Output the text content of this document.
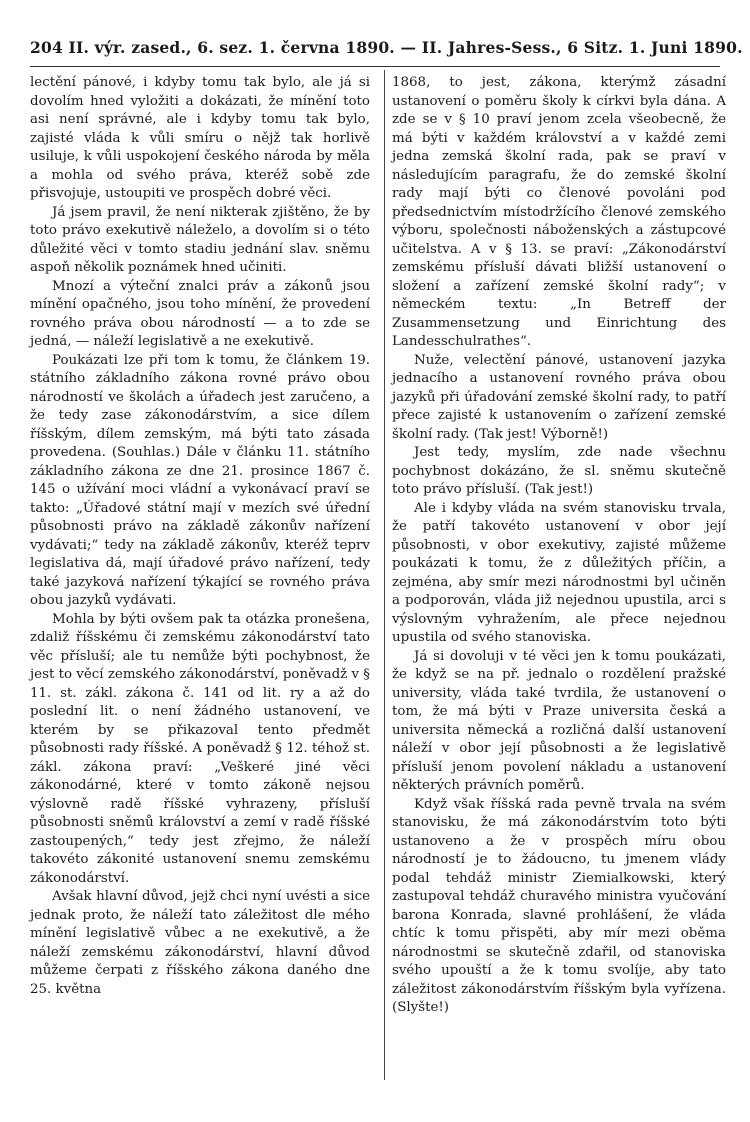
204 II. výr. zased., 6. sez. 1. června 1890. — II. Jahres-Sess., 6 Sitz. 1. Juni 1890.

lectění pánové, i kdyby tomu tak bylo, ale já si dovolím hned vyložiti a dokázati, že mínění toto asi není správné, ale i kdyby tomu tak bylo, zajisté vláda k vůli smíru o nějž tak horlivě usiluje, k vůli uspokojení českého národa by měla a mohla od svého práva, kteréž sobě zde přisvojuje, ustoupiti ve prospěch dobré věci.

Já jsem pravil, že není nikterak zjištěno, že by toto právo exekutivě náleželo, a dovolím si o této důležité věci v tomto stadiu jednání slav. sněmu aspoň několik poznámek hned učiniti.

Mnozí a výteční znalci práv a zákonů jsou mínění opačného, jsou toho mínění, že provedení rovného práva obou národností — a to zde se jedná, — náleží legislativě a ne exekutivě.

Poukázati lze při tom k tomu, že článkem 19. státního základního zákona rovné právo obou národností ve školách a úřadech jest zaručeno, a že tedy zase zákonodárstvím, a sice dílem říšským, dílem zemským, má býti tato zásada provedena. (Souhlas.) Dále v článku 11. státního základního zákona ze dne 21. prosince 1867 č. 145 o užívání moci vládní a vykonávací praví se takto: „Úřadové státní mají v mezích své úřední působnosti právo na základě zákonův nařízení vydávati;“ tedy na základě zákonův, kteréž teprv legislativa dá, mají úřadové právo nařízení, tedy také jazyková nařízení týkající se rovného práva obou jazyků vydávati.

Mohla by býti ovšem pak ta otázka pronešena, zdaliž říšskému či zemskému zákonodárství tato věc přísluší; ale tu nemůže býti pochybnost, že jest to věcí zemského zákonodárství, poněvadž v § 11. st. zákl. zákona č. 141 od lit. ry a až do poslední lit. o není žádného ustanovení, ve kterém by se přikazoval tento předmět působnosti rady říšské. A poněvadž § 12. téhož st. zákl. zákona praví: „Veškeré jiné věci zákonodárné, které v tomto zákoně nejsou výslovně radě říšské vyhrazeny, přísluší působnosti sněmů království a zemí v radě říšské zastoupených,“ tedy jest zřejmo, že náleží takovéto zákonité ustanovení snemu zemskému zákonodárství.

Avšak hlavní důvod, jejž chci nyní uvésti a sice jednak proto, že náleží tato záležitost dle mého mínění legislativě vůbec a ne exekutivě, a že náleží zemskému zákonodárství, hlavní důvod můžeme čerpati z říšského zákona daného dne 25. května

1868, to jest, zákona, kterýmž zásadní ustanovení o poměru školy k církvi byla dána. A zde se v § 10 praví jenom zcela všeobecně, že má býti v každém království a v každé zemi jedna zemská školní rada, pak se praví v následujícím paragrafu, že do zemské školní rady mají býti co členové povoláni pod předsednictvím místodržícího členové zemského výboru, společnosti náboženských a zástupcové učitelstva. A v § 13. se praví: „Zákonodárství zemskému přísluší dávati bližší ustanovení o složení a zařízení zemské školní rady“; v německém textu: „In Betreff der Zusammensetzung und Einrichtung des Landesschulrathes“.

Nuže, velectění pánové, ustanovení jazyka jednacího a ustanovení rovného práva obou jazyků při úřadování zemské školní rady, to patří přece zajisté k ustanovením o zařízení zemské školní rady. (Tak jest! Výborně!)

Jest tedy, myslím, zde nade všechnu pochybnost dokázáno, že sl. sněmu skutečně toto právo přísluší. (Tak jest!)

Ale i kdyby vláda na svém stanovisku trvala, že patří takovéto ustanovení v obor její působnosti, v obor exekutivy, zajisté můžeme poukázati k tomu, že z důležitých příčin, a zejména, aby smír mezi národnostmi byl učiněn a podporován, vláda již nejednou upustila, arci s výslovným vyhražením, ale přece nejednou upustila od svého stanoviska.

Já si dovoluji v té věci jen k tomu poukázati, že když se na př. jednalo o rozdělení pražské university, vláda také tvrdila, že ustanovení o tom, že má býti v Praze universita česká a universita německá a rozličná další ustanovení náleží v obor její působnosti a že legislativě přísluší jenom povolení nákladu a ustanovení některých právních poměrů.

Když však říšská rada pevně trvala na svém stanovisku, že má zákonodárstvím toto býti ustanoveno a že v prospěch míru obou národností je to žádoucno, tu jmenem vlády podal tehdáž ministr Ziemialkowski, který zastupoval tehdáž churavého ministra vyučování barona Konrada, slavné prohlášení, že vláda chtíc k tomu přispěti, aby mír mezi oběma národnostmi se skutečně zdařil, od stanoviska svého upouští a že k tomu svolíje, aby tato záležitost zákonodárstvím říšským byla vyřízena. (Slyšte!)
